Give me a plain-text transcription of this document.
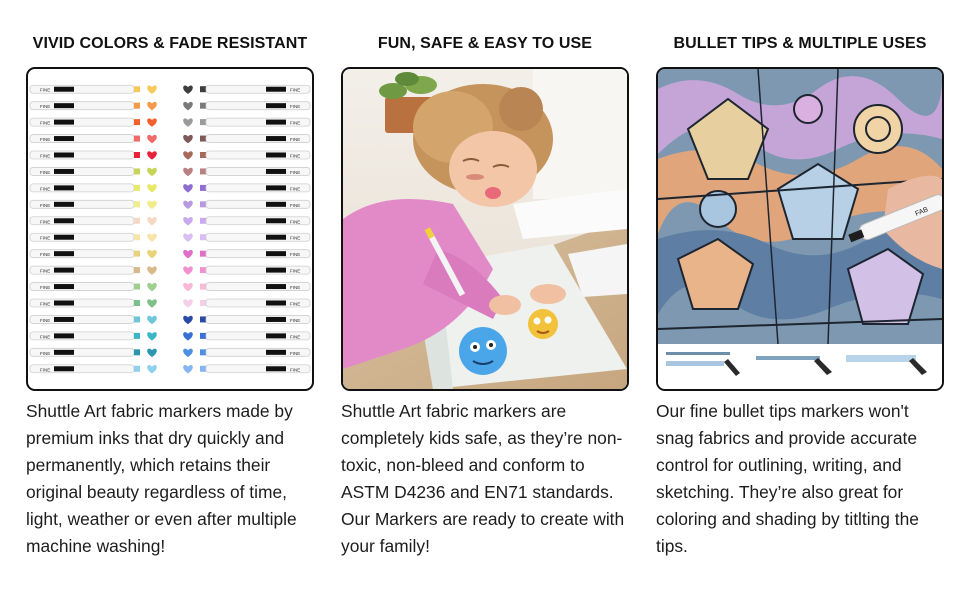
VIVID COLORS & FADE RESISTANT
FINE	FINE
FINE	FINE
FINE	FINE
FINE	FINE
FINE	FINE
FINE	FINE
FINE	FINE
FINE	FINE
FINE	FINE
FINE	FINE
FINE	FINE
FINE	FINE
FINE	FINE
FINE	FINE
FINE	FINE
FINE	FINE
FINE	FINE
FINE	FINE

Shuttle Art fabric markers made by premium inks that dry quickly and permanently, which retains their original beauty regardless of time, light, weather or even after multiple machine washing!

FUN, SAFE & EASY TO USE

Shuttle Art fabric markers are completely kids safe, as they’re non-toxic, non-bleed and conform to ASTM D4236 and EN71 standards. Our Markers are ready to create with your family!

BULLET TIPS & MULTIPLE USES
FAB

Our fine bullet tips markers won't snag fabrics and provide accurate control for outlining, writing, and sketching. They’re also great for coloring and shading by titlting the tips.
